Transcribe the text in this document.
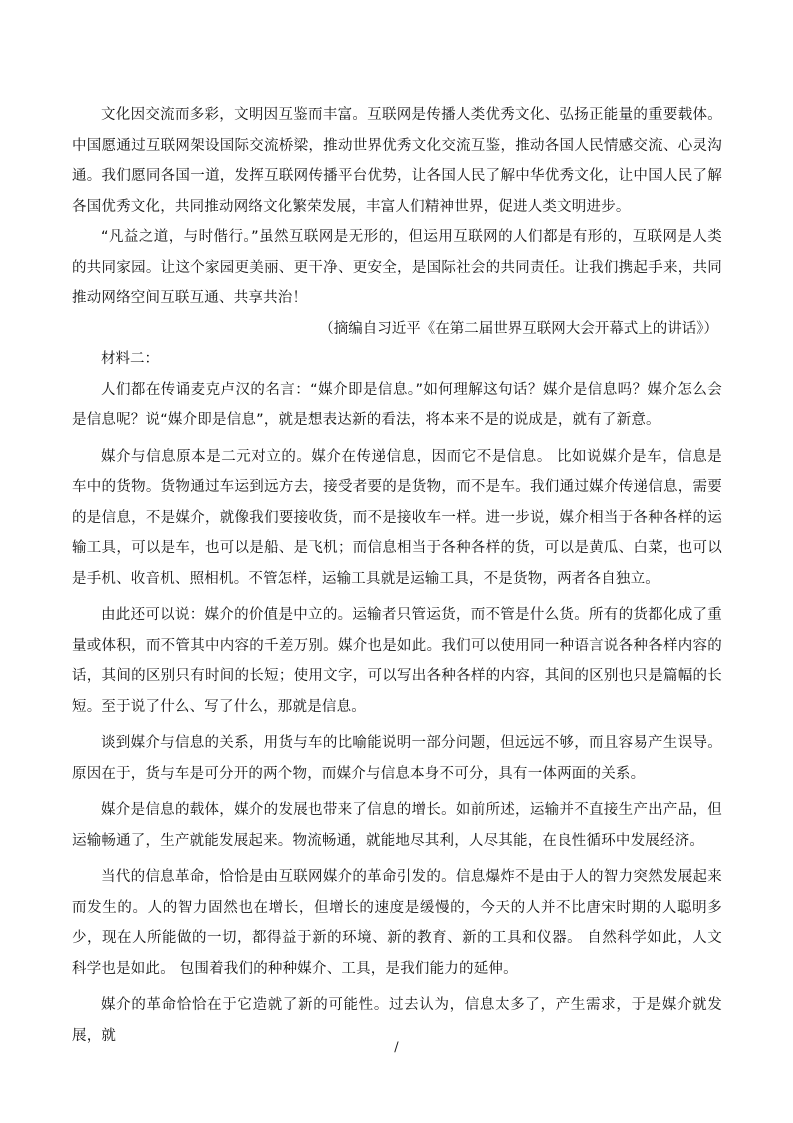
文化因交流而多彩，文明因互鉴而丰富。互联网是传播人类优秀文化、弘扬正能量的重要载体。中国愿通过互联网架设国际交流桥梁，推动世界优秀文化交流互鉴，推动各国人民情感交流、心灵沟通。我们愿同各国一道，发挥互联网传播平台优势，让各国人民了解中华优秀文化，让中国人民了解各国优秀文化，共同推动网络文化繁荣发展，丰富人们精神世界，促进人类文明进步。

“凡益之道，与时偕行。”虽然互联网是无形的，但运用互联网的人们都是有形的，互联网是人类的共同家园。让这个家园更美丽、更干净、更安全，是国际社会的共同责任。让我们携起手来，共同推动网络空间互联互通、共享共治！

（摘编自习近平《在第二届世界互联网大会开幕式上的讲话》）

材料二：

人们都在传诵麦克卢汉的名言：“媒介即是信息。”如何理解这句话？媒介是信息吗？媒介怎么会是信息呢？说“媒介即是信息”，就是想表达新的看法，将本来不是的说成是，就有了新意。

媒介与信息原本是二元对立的。媒介在传递信息，因而它不是信息。 比如说媒介是车，信息是车中的货物。货物通过车运到远方去，接受者要的是货物，而不是车。我们通过媒介传递信息，需要的是信息，不是媒介，就像我们要接收货，而不是接收车一样。进一步说，媒介相当于各种各样的运输工具，可以是车，也可以是船、是飞机；而信息相当于各种各样的货，可以是黄瓜、白菜，也可以是手机、收音机、照相机。不管怎样，运输工具就是运输工具，不是货物，两者各自独立。

由此还可以说：媒介的价值是中立的。运输者只管运货，而不管是什么货。所有的货都化成了重量或体积，而不管其中内容的千差万别。媒介也是如此。我们可以使用同一种语言说各种各样内容的话，其间的区别只有时间的长短；使用文字，可以写出各种各样的内容，其间的区别也只是篇幅的长短。至于说了什么、写了什么，那就是信息。

谈到媒介与信息的关系，用货与车的比喻能说明一部分问题，但远远不够，而且容易产生误导。原因在于，货与车是可分开的两个物，而媒介与信息本身不可分，具有一体两面的关系。

媒介是信息的载体，媒介的发展也带来了信息的增长。如前所述，运输并不直接生产出产品，但运输畅通了，生产就能发展起来。物流畅通，就能地尽其利，人尽其能，在良性循环中发展经济。

当代的信息革命，恰恰是由互联网媒介的革命引发的。信息爆炸不是由于人的智力突然发展起来而发生的。人的智力固然也在增长，但增长的速度是缓慢的，今天的人并不比唐宋时期的人聪明多少，现在人所能做的一切，都得益于新的环境、新的教育、新的工具和仪器。 自然科学如此，人文科学也是如此。 包围着我们的种种媒介、工具，是我们能力的延伸。

媒介的革命恰恰在于它造就了新的可能性。过去认为，信息太多了，产生需求，于是媒介就发展，就

/
